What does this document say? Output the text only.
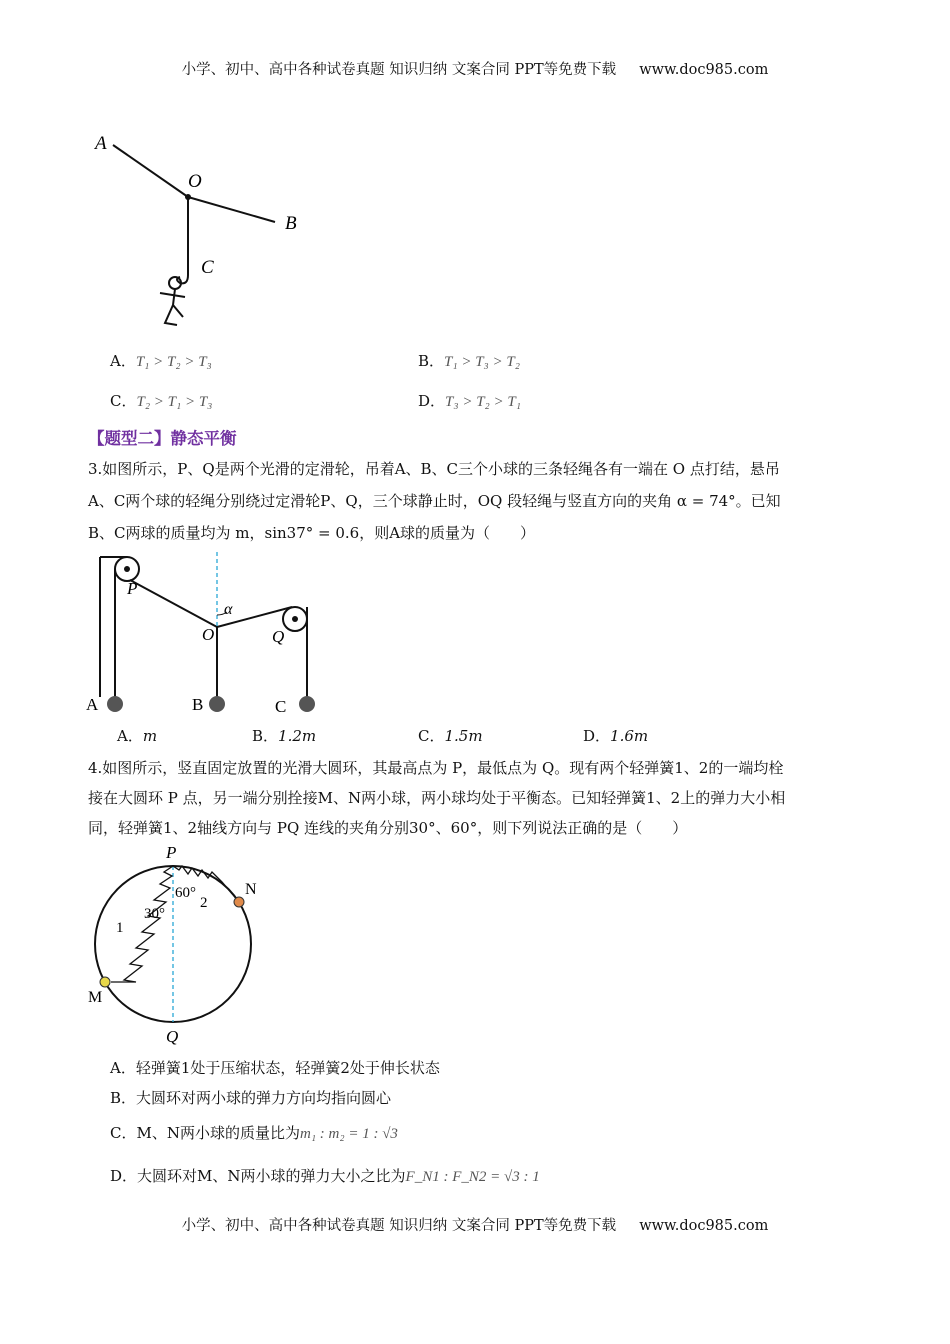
小学、初中、高中各种试卷真题 知识归纳 文案合同 PPT等免费下载 www.doc985.com
A
O
B
C
A．T₁ > T₂ > T₃	B．T₁ > T₃ > T₂
C．T₂ > T₁ > T₃	D．T₃ > T₂ > T₁
【题型二】静态平衡
3.如图所示，P、Q是两个光滑的定滑轮，吊着A、B、C三个小球的三条轻绳各有一端在 O 点打结，悬吊
A、C两个球的轻绳分别绕过定滑轮P、Q，三个球静止时，OQ 段轻绳与竖直方向的夹角 α = 74°。已知
B、C两球的质量均为 m，sin37° = 0.6，则A球的质量为（　　）
P
O
α
Q
A	B	C
A．m	B．1.2m	C．1.5m	D．1.6m
4.如图所示，竖直固定放置的光滑大圆环，其最高点为 P，最低点为 Q。现有两个轻弹簧1、2的一端均栓
接在大圆环 P 点，另一端分别拴接M、N两小球，两小球均处于平衡态。已知轻弹簧1、2上的弹力大小相
同，轻弹簧1、2轴线方向与 PQ 连线的夹角分别30°、60°，则下列说法正确的是（　　）
P
Q
M
N
1
2
30°
60°
A．轻弹簧1处于压缩状态，轻弹簧2处于伸长状态
B．大圆环对两小球的弹力方向均指向圆心
C．M、N两小球的质量比为m₁ : m₂ = 1 : √3
D．大圆环对M、N两小球的弹力大小之比为F_N1 : F_N2 = √3 : 1
小学、初中、高中各种试卷真题 知识归纳 文案合同 PPT等免费下载 www.doc985.com
